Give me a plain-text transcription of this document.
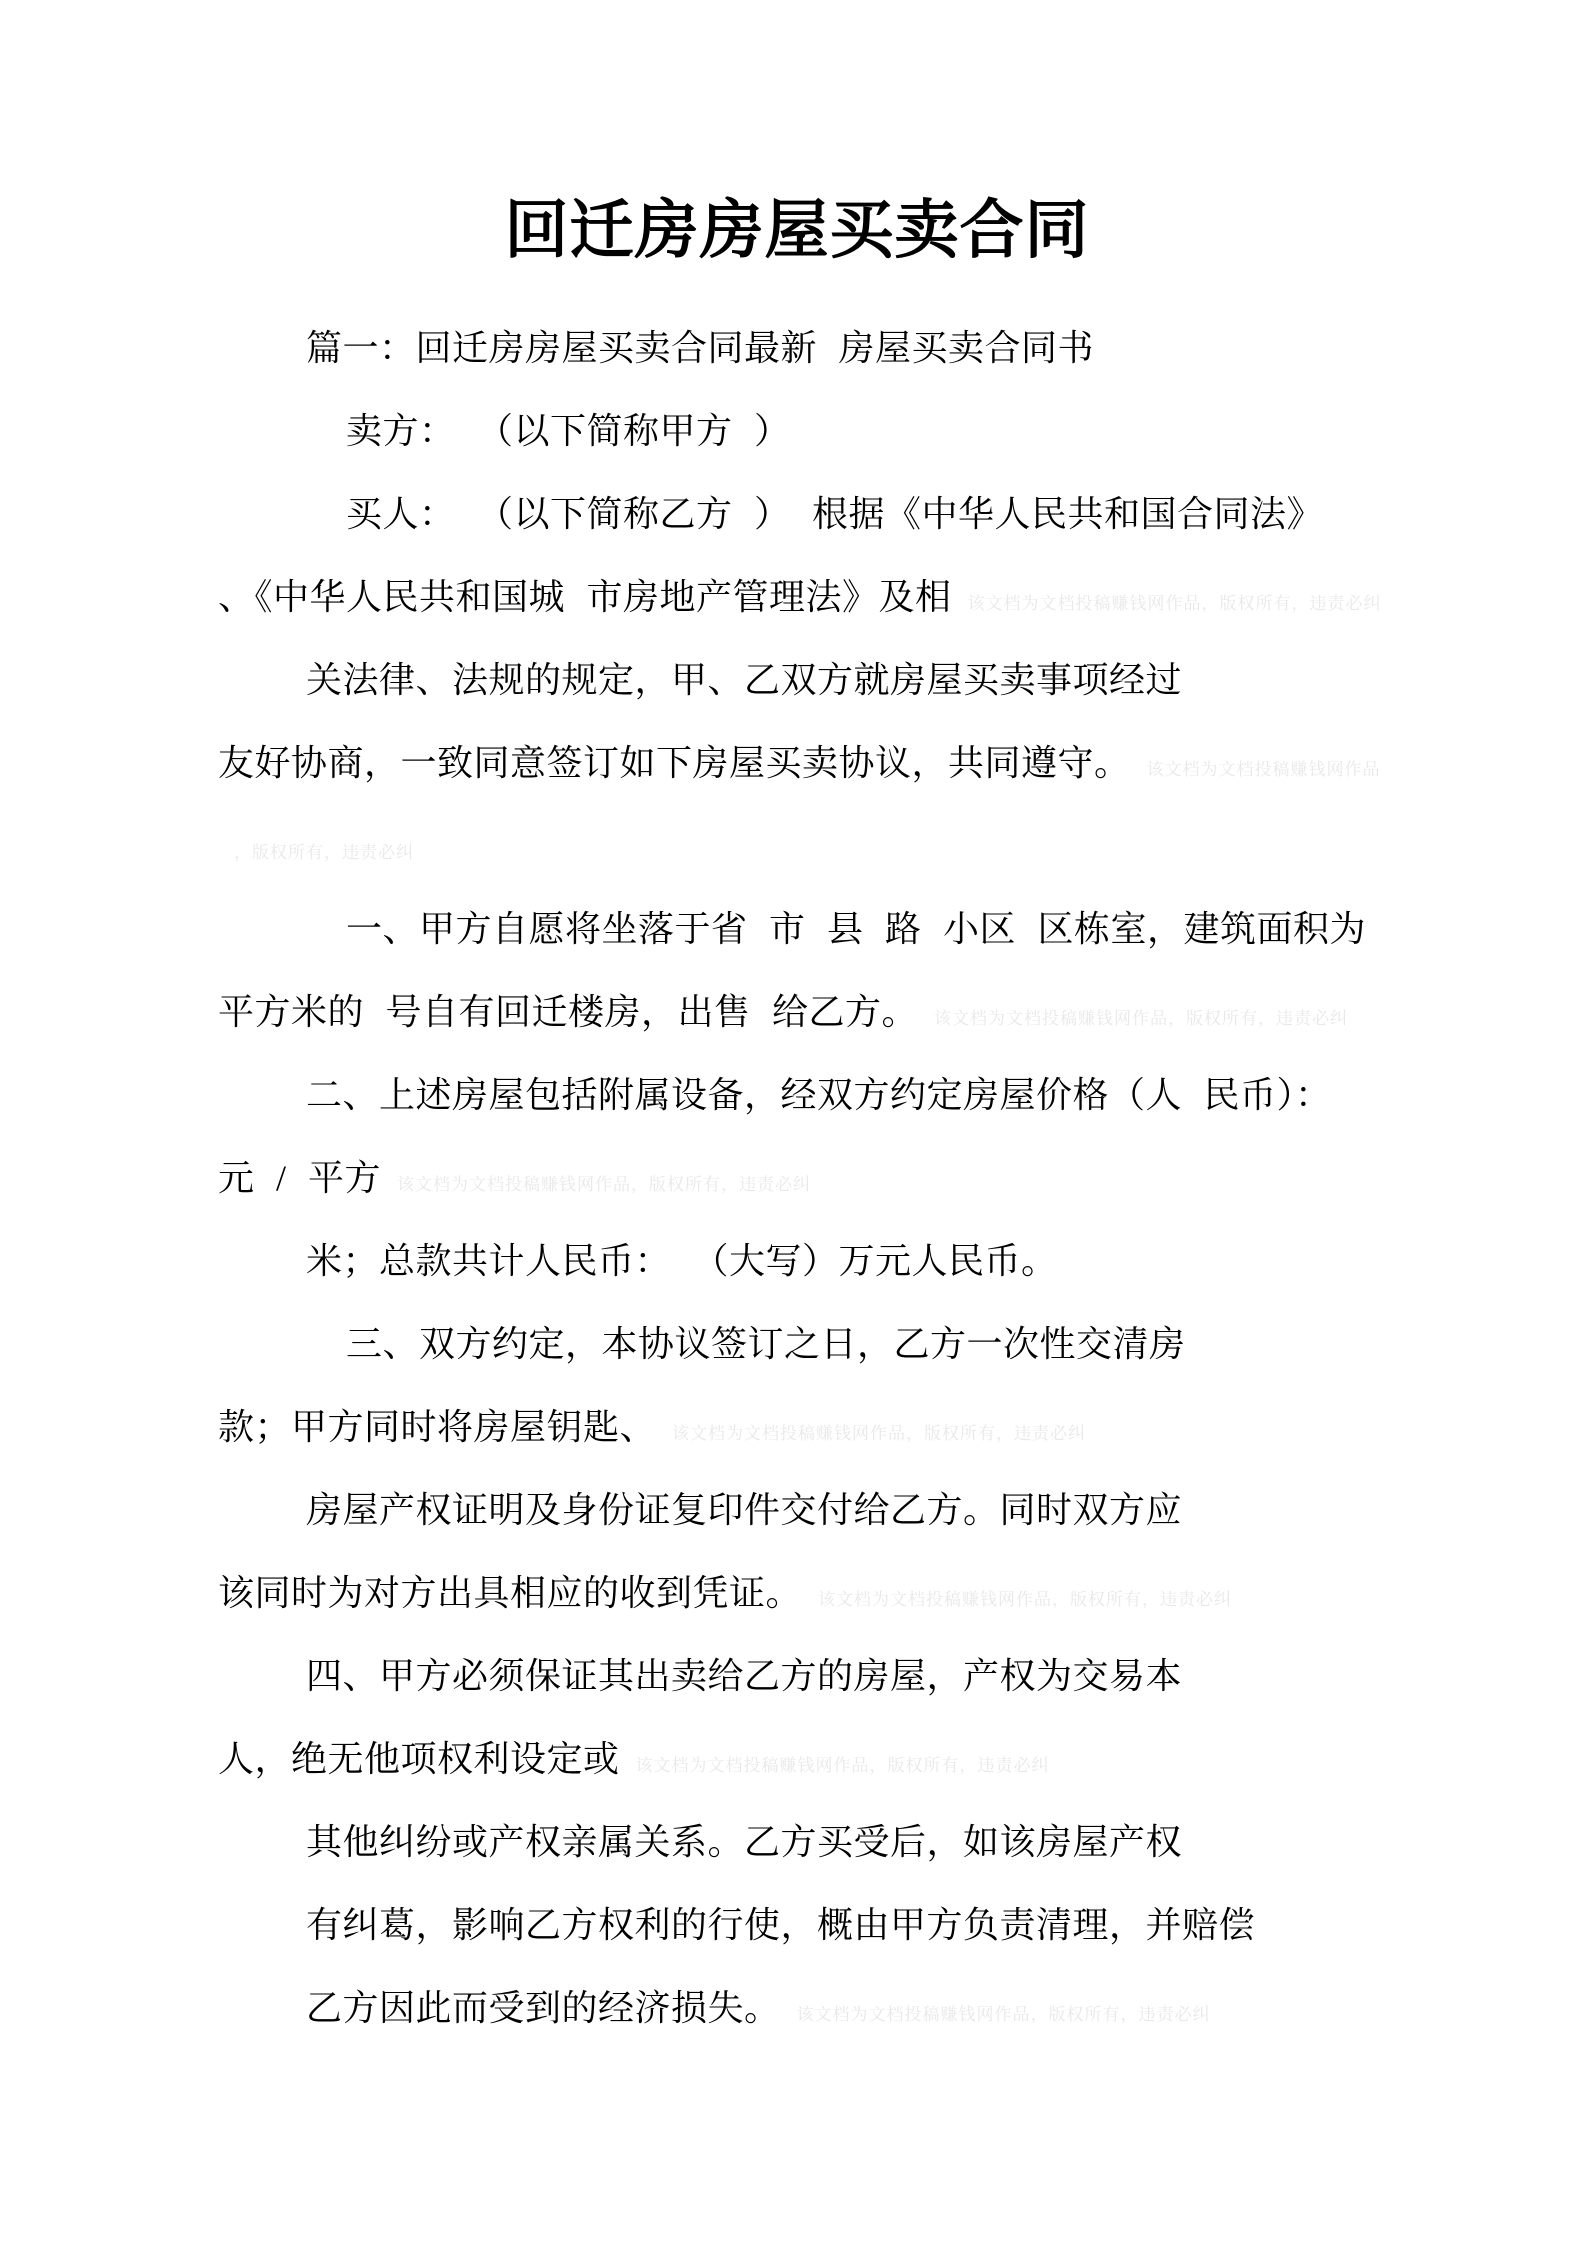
回迁房房屋买卖合同
篇一：回迁房房屋买卖合同最新 房屋买卖合同书
卖方： （以下简称甲方 ）
买人： （以下简称乙方 ） 根据《中华人民共和国合同法》
、《中华人民共和国城 市房地产管理法》及相 该文档为文档投稿赚钱网作品，版权所有，违责必纠
关法律、法规的规定，甲、乙双方就房屋买卖事项经过
友好协商，一致同意签订如下房屋买卖协议，共同遵守。 该文档为文档投稿赚钱网作品
，版权所有，违责必纠
一、甲方自愿将坐落于省 市 县 路 小区 区栋室，建筑面积为
平方米的 号自有回迁楼房，出售 给乙方。 该文档为文档投稿赚钱网作品，版权所有，违责必纠
二、上述房屋包括附属设备，经双方约定房屋价格（人 民币）：
元 / 平方 该文档为文档投稿赚钱网作品，版权所有，违责必纠
米；总款共计人民币： （大写）万元人民币。
三、双方约定，本协议签订之日，乙方一次性交清房
款；甲方同时将房屋钥匙、 该文档为文档投稿赚钱网作品，版权所有，违责必纠
房屋产权证明及身份证复印件交付给乙方。同时双方应
该同时为对方出具相应的收到凭证。 该文档为文档投稿赚钱网作品，版权所有，违责必纠
四、甲方必须保证其出卖给乙方的房屋，产权为交易本
人，绝无他项权利设定或 该文档为文档投稿赚钱网作品，版权所有，违责必纠
其他纠纷或产权亲属关系。乙方买受后，如该房屋产权
有纠葛，影响乙方权利的行使，概由甲方负责清理，并赔偿
乙方因此而受到的经济损失。 该文档为文档投稿赚钱网作品，版权所有，违责必纠
